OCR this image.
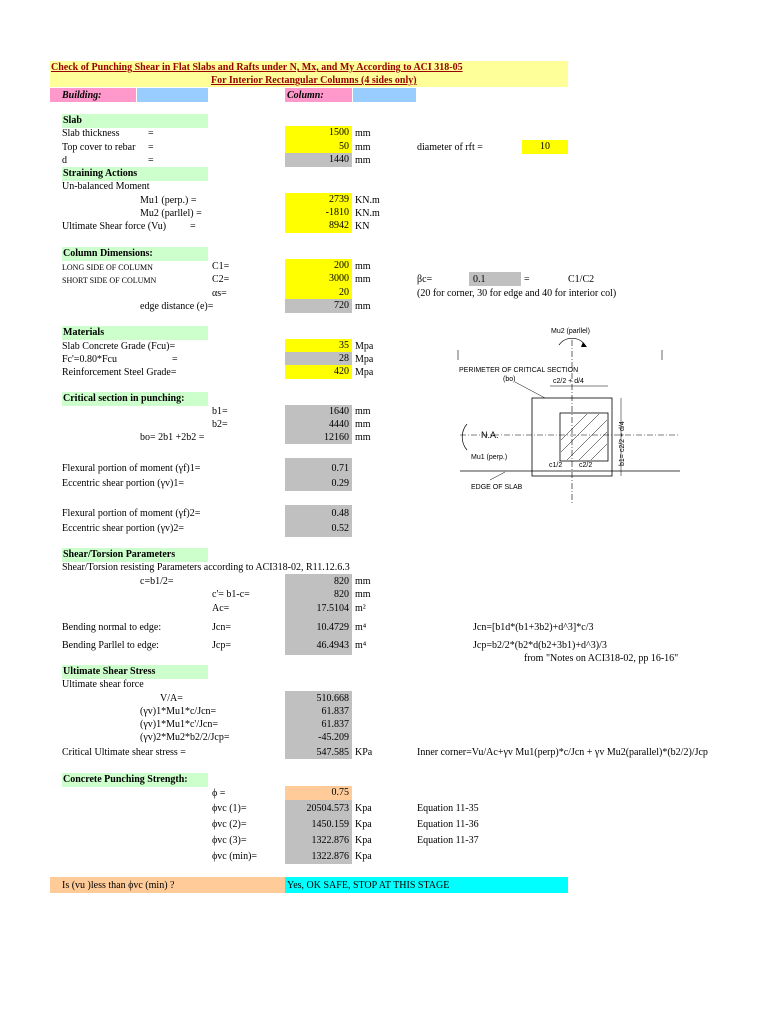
Check of Punching Shear in Flat Slabs and Rafts under N, Mx, and My According to ACI 318-05
For Interior Rectangular Columns (4 sides only)
Building:	Column:
Slab
Slab thickness	=	1500 mm
Top cover to rebar =	50 mm	diameter of rft =	10
d	=	1440 mm
Straining Actions
Un-balanced Moment
Mu1 (perp.) =	2739 KN.m
Mu2 (parllel) =	-1810 KN.m
Ultimate Shear force (Vu) =	8942 KN
Column Dimensions:
LONG SIDE OF COLUMN	C1=	200 mm
SHORT SIDE OF COLUMN	C2=	3000 mm	βc=	0.1	=	C1/C2
αs=	20	(20 for corner, 30 for edge and 40 for interior col)
edge distance (e)=	720 mm
Materials
Slab Concrete Grade (Fcu)=	35 Mpa
Fc'=0.80*Fcu	=	28 Mpa
Reinforcement Steel Grade=	420 Mpa
Critical section in punching:
b1=	1640 mm
b2=	4440 mm
bo= 2b1 +2b2 =	12160 mm
Flexural portion of moment (γf)1=	0.71
Eccentric shear portion (γv)1=	0.29
Flexural portion of moment (γf)2=	0.48
Eccentric shear portion (γv)2=	0.52
Shear/Torsion Parameters
Shear/Torsion resisting Parameters according to ACI318-02, R11.12.6.3
c=b1/2=	820 mm
c'= b1-c=	820 mm
Ac=	17.5104 m²
Bending normal to edge:	Jcn=	10.4729 m⁴	Jcn=[b1d*(b1+3b2)+d^3]*c/3
Bending Parllel to edge:	Jcp=	46.4943 m⁴	Jcp=b2/2*(b2*d(b2+3b1)+d^3)/3
from "Notes on ACI318-02, pp 16-16"
Ultimate Shear Stress
Ultimate shear force
V/A=	510.668
(γv)1*Mu1*c/Jcn=	61.837
(γv)1*Mu1*c'/Jcn=	61.837
(γv)2*Mu2*b2/2/Jcp=	-45.209
Critical Ultimate shear stress =	547.585 KPa	Inner corner=Vu/Ac+γv Mu1(perp)*c/Jcn + γv Mu2(parallel)*(b2/2)/Jcp
Concrete Punching Strength:
ϕ =	0.75
ϕvc (1)=	20504.573 Kpa	Equation 11-35
ϕvc (2)=	1450.159 Kpa	Equation 11-36
ϕvc (3)=	1322.876 Kpa	Equation 11-37
ϕvc (min)=	1322.876 Kpa
Is (vu )less than ϕvc (min) ?	Yes, OK SAFE, STOP AT THIS STAGE
Mu2 (parllel)
PERIMETER OF CRITICAL SECTION
(bo)	c2/2 + d/4
N.A.
Mu1 (perp.)	b1= c2/2 + d/4
c1/2 c2/2
EDGE OF SLAB
